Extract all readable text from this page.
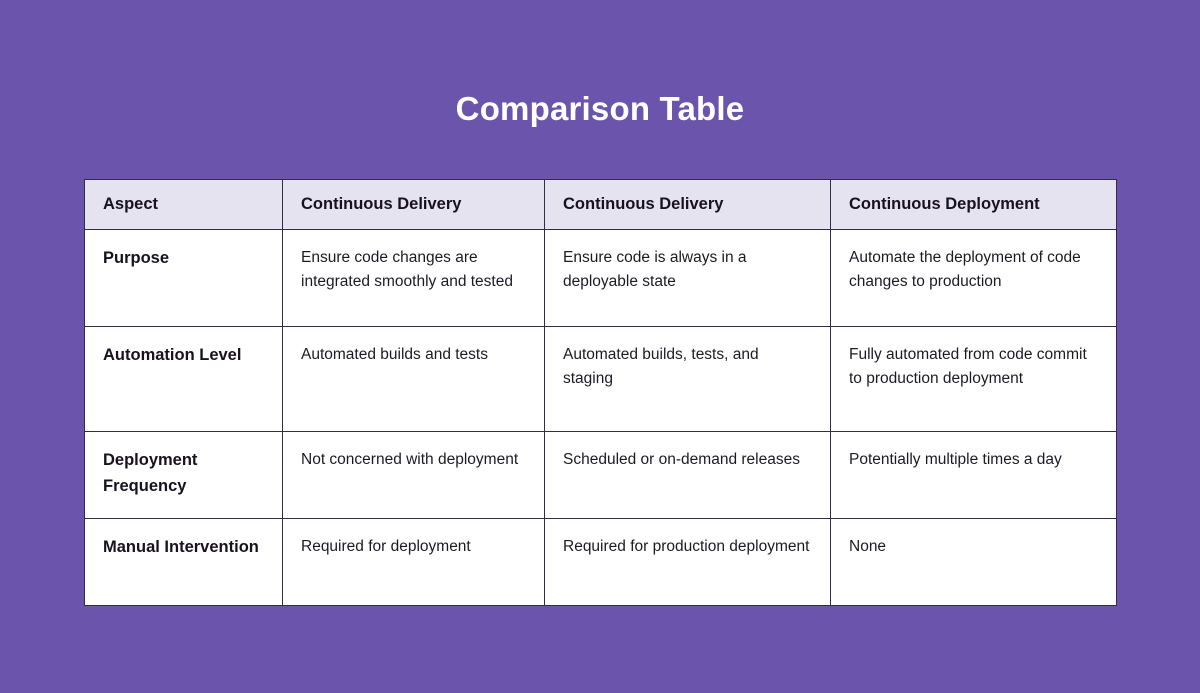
Comparison Table
Aspect	Continuous Delivery	Continuous Delivery	Continuous Deployment
Purpose	Ensure code changes are integrated smoothly and tested	Ensure code is always in a deployable state	Automate the deployment of code changes to production
Automation Level	Automated builds and tests	Automated builds, tests, and staging	Fully automated from code commit to production deployment
Deployment Frequency	Not concerned with deployment	Scheduled or on-demand releases	Potentially multiple times a day
Manual Intervention	Required for deployment	Required for production deployment	None
